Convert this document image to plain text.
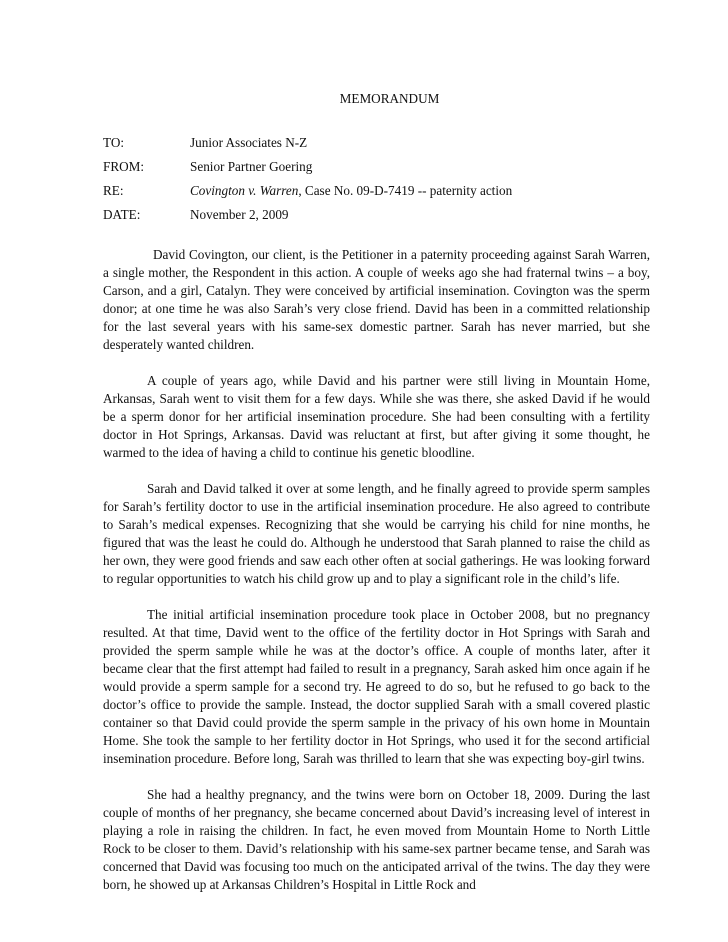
MEMORANDUM
TO:	Junior Associates N-Z
FROM:	Senior Partner Goering
RE:	Covington v. Warren, Case No. 09-D-7419 -- paternity action
DATE:	November 2, 2009

David Covington, our client, is the Petitioner in a paternity proceeding against Sarah Warren, a single mother, the Respondent in this action. A couple of weeks ago she had fraternal twins – a boy, Carson, and a girl, Catalyn. They were conceived by artificial insemination. Covington was the sperm donor; at one time he was also Sarah’s very close friend. David has been in a committed relationship for the last several years with his same-sex domestic partner. Sarah has never married, but she desperately wanted children.

A couple of years ago, while David and his partner were still living in Mountain Home, Arkansas, Sarah went to visit them for a few days. While she was there, she asked David if he would be a sperm donor for her artificial insemination procedure. She had been consulting with a fertility doctor in Hot Springs, Arkansas. David was reluctant at first, but after giving it some thought, he warmed to the idea of having a child to continue his genetic bloodline.

Sarah and David talked it over at some length, and he finally agreed to provide sperm samples for Sarah’s fertility doctor to use in the artificial insemination procedure. He also agreed to contribute to Sarah’s medical expenses. Recognizing that she would be carrying his child for nine months, he figured that was the least he could do. Although he understood that Sarah planned to raise the child as her own, they were good friends and saw each other often at social gatherings. He was looking forward to regular opportunities to watch his child grow up and to play a significant role in the child’s life.

The initial artificial insemination procedure took place in October 2008, but no pregnancy resulted. At that time, David went to the office of the fertility doctor in Hot Springs with Sarah and provided the sperm sample while he was at the doctor’s office. A couple of months later, after it became clear that the first attempt had failed to result in a pregnancy, Sarah asked him once again if he would provide a sperm sample for a second try. He agreed to do so, but he refused to go back to the doctor’s office to provide the sample. Instead, the doctor supplied Sarah with a small covered plastic container so that David could provide the sperm sample in the privacy of his own home in Mountain Home. She took the sample to her fertility doctor in Hot Springs, who used it for the second artificial insemination procedure. Before long, Sarah was thrilled to learn that she was expecting boy-girl twins.

She had a healthy pregnancy, and the twins were born on October 18, 2009. During the last couple of months of her pregnancy, she became concerned about David’s increasing level of interest in playing a role in raising the children. In fact, he even moved from Mountain Home to North Little Rock to be closer to them. David’s relationship with his same-sex partner became tense, and Sarah was concerned that David was focusing too much on the anticipated arrival of the twins. The day they were born, he showed up at Arkansas Children’s Hospital in Little Rock and
